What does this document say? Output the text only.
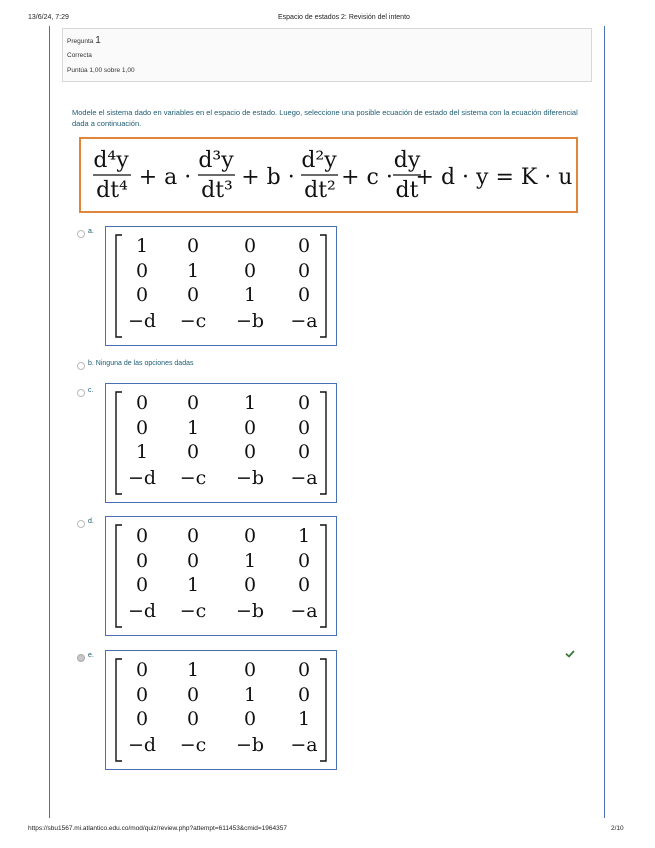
13/6/24, 7:29	Espacio de estados 2: Revisión del intento
Pregunta 1
Correcta
Puntúa 1,00 sobre 1,00
Modele el sistema dado en variables en el espacio de estado. Luego, seleccione una posible ecuación de estado del sistema con la ecuación diferencial dada a continuación.
d⁴y
dt⁴
+ a ·
d³y
dt³
+ b ·
d²y
dt²
+ c ·
dy
dt
+ d · y = K · u
a.
1 0 0 0
0 1 0 0
0 0 1 0
−d −c −b −a
b. Ninguna de las opciones dadas
c.
0 0 1 0
0 1 0 0
1 0 0 0
−d −c −b −a
d.
0 0 0 1
0 0 1 0
0 1 0 0
−d −c −b −a
e.
0 1 0 0
0 0 1 0
0 0 0 1
−d −c −b −a
https://sbu1567.mi.atlantico.edu.co/mod/quiz/review.php?attempt=611453&cmid=1964357	2/10
